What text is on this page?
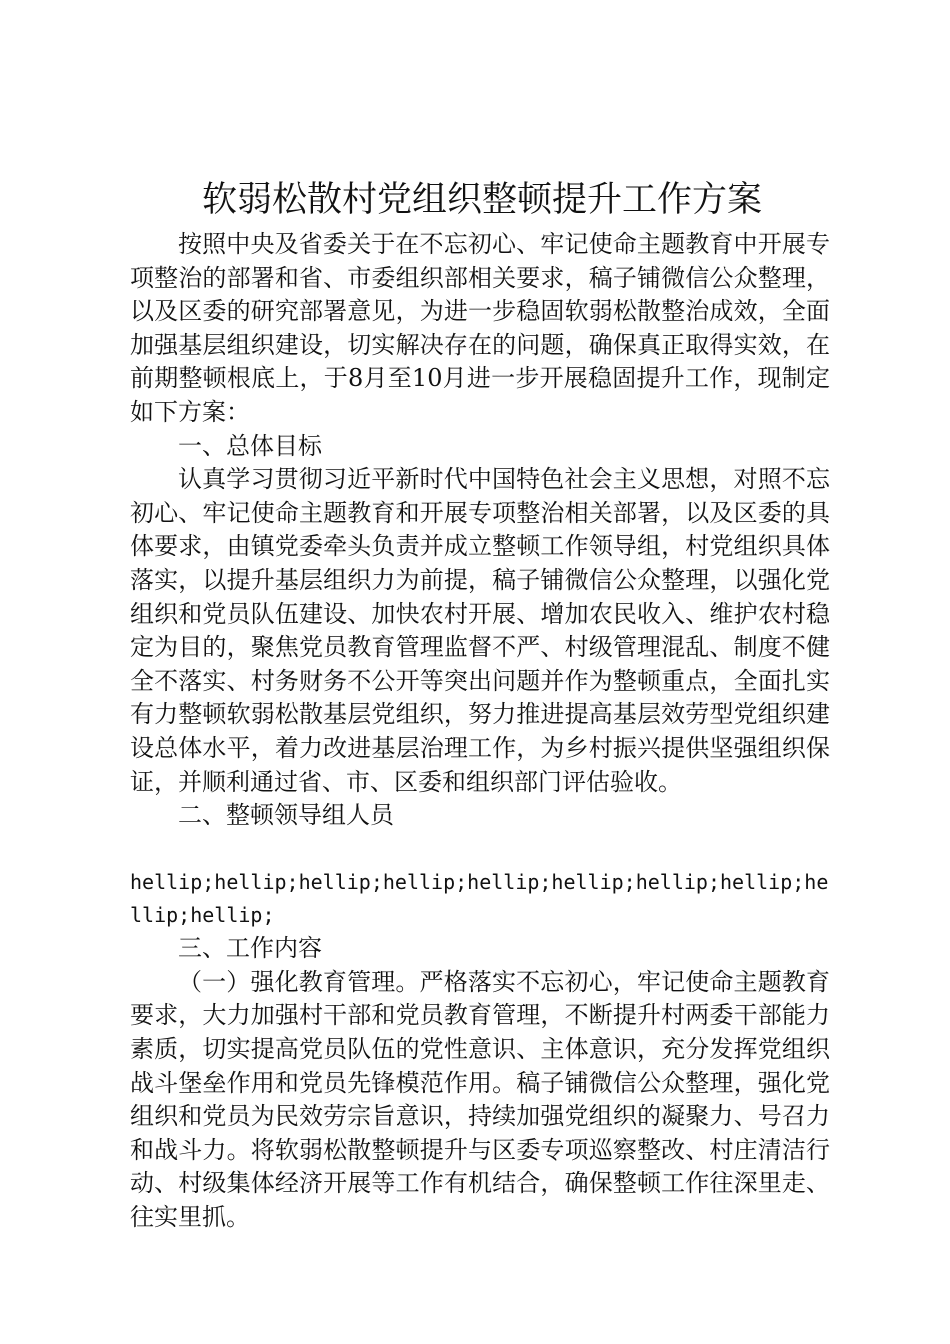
软弱松散村党组织整顿提升工作方案

按照中央及省委关于在不忘初心、牢记使命主题教育中开展专项整治的部署和省、市委组织部相关要求，稿子铺微信公众整理，以及区委的研究部署意见，为进一步稳固软弱松散整治成效，全面加强基层组织建设，切实解决存在的问题，确保真正取得实效，在前期整顿根底上，于8月至10月进一步开展稳固提升工作，现制定如下方案：

一、总体目标

认真学习贯彻习近平新时代中国特色社会主义思想，对照不忘初心、牢记使命主题教育和开展专项整治相关部署，以及区委的具体要求，由镇党委牵头负责并成立整顿工作领导组，村党组织具体落实，以提升基层组织力为前提，稿子铺微信公众整理，以强化党组织和党员队伍建设、加快农村开展、增加农民收入、维护农村稳定为目的，聚焦党员教育管理监督不严、村级管理混乱、制度不健全不落实、村务财务不公开等突出问题并作为整顿重点，全面扎实有力整顿软弱松散基层党组织，努力推进提高基层效劳型党组织建设总体水平，着力改进基层治理工作，为乡村振兴提供坚强组织保证，并顺利通过省、市、区委和组织部门评估验收。

二、整顿领导组人员

hellip;hellip;hellip;hellip;hellip;hellip;hellip;hellip;hellip;hellip;

三、工作内容

（一）强化教育管理。严格落实不忘初心，牢记使命主题教育要求，大力加强村干部和党员教育管理，不断提升村两委干部能力素质，切实提高党员队伍的党性意识、主体意识，充分发挥党组织战斗堡垒作用和党员先锋模范作用。稿子铺微信公众整理，强化党组织和党员为民效劳宗旨意识，持续加强党组织的凝聚力、号召力和战斗力。将软弱松散整顿提升与区委专项巡察整改、村庄清洁行动、村级集体经济开展等工作有机结合，确保整顿工作往深里走、往实里抓。
